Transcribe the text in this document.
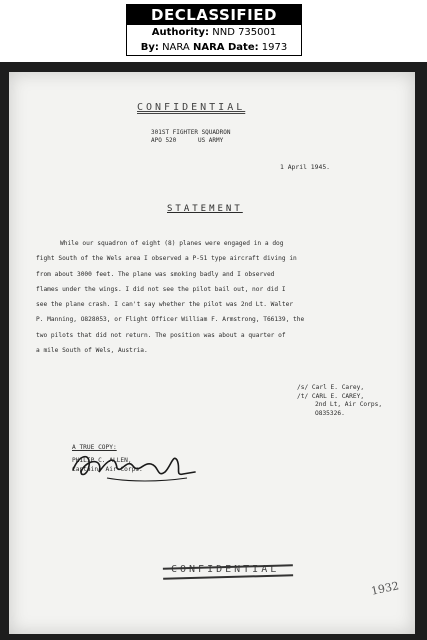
DECLASSIFIED
Authority: NND 735001
By: NARA NARA Date: 1973
CONFIDENTIAL
301ST FIGHTER SQUADRON
APO 520      US ARMY
1 April 1945.
STATEMENT
While our squadron of eight (8) planes were engaged in a dog
fight South of the Wels area I observed a P-51 type aircraft diving in
from about 3000 feet. The plane was smoking badly and I observed
flames under the wings. I did not see the pilot bail out, nor did I
see the plane crash. I can't say whether the pilot was 2nd Lt. Walter
P. Manning, O828053, or Flight Officer William F. Armstrong, T66139, the
two pilots that did not return. The position was about a quarter of
a mile South of Wels, Austria.
/s/ Carl E. Carey,
/t/ CARL E. CAREY,
2nd Lt, Air Corps,
O835326.
A TRUE COPY:
PHILIP C. ALLEN,
Captain, Air Corps.
CONFIDENTIAL
1932
